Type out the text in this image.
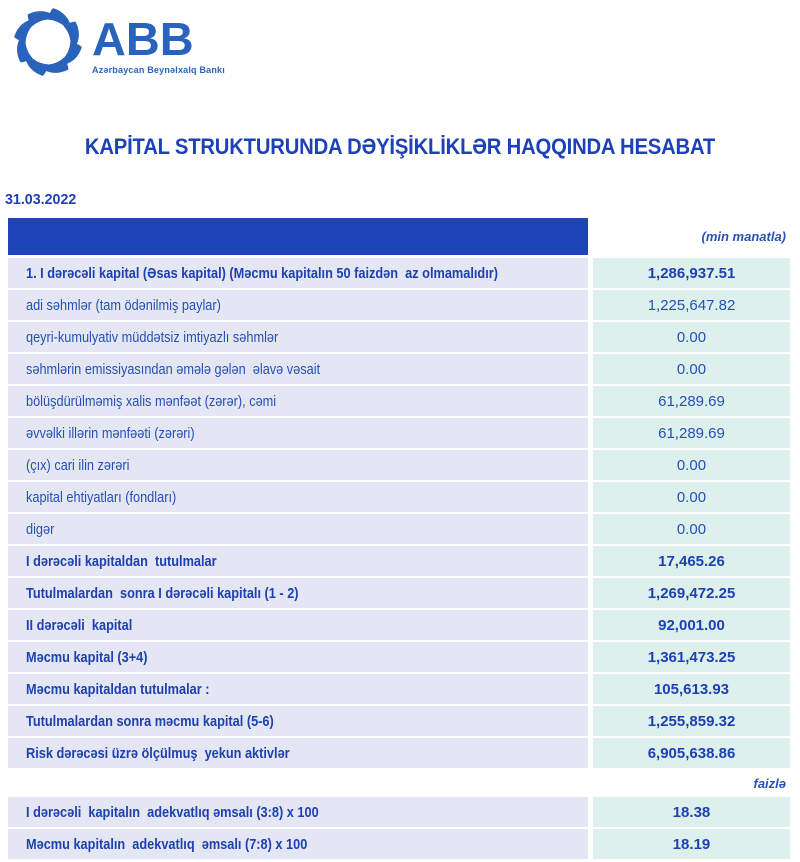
ABB
Azərbaycan Beynəlxalq Bankı
KAPİTAL STRUKTURUNDA DƏYİŞİKLİKLƏR HAQQINDA HESABAT
31.03.2022
(min manatla)
1. I dərəcəli kapital (Əsas kapital) (Məcmu kapitalın 50 faizdən  az olmamalıdır)	1,286,937.51
adi səhmlər (tam ödənilmiş paylar)	1,225,647.82
qeyri-kumulyativ müddətsiz imtiyazlı səhmlər	0.00
səhmlərin emissiyasından əmələ gələn  əlavə vəsait	0.00
bölüşdürülməmiş xalis mənfəət (zərər), cəmi	61,289.69
əvvəlki illərin mənfəəti (zərəri)	61,289.69
(çıx) cari ilin zərəri	0.00
kapital ehtiyatları (fondları)	0.00
digər	0.00
I dərəcəli kapitaldan  tutulmalar	17,465.26
Tutulmalardan  sonra I dərəcəli kapitalı (1 - 2)	1,269,472.25
II dərəcəli  kapital	92,001.00
Məcmu kapital (3+4)	1,361,473.25
Məcmu kapitaldan tutulmalar :	105,613.93
Tutulmalardan sonra məcmu kapital (5-6)	1,255,859.32
Risk dərəcəsi üzrə ölçülmuş  yekun aktivlər	6,905,638.86
faizlə
I dərəcəli  kapitalın  adekvatlıq əmsalı (3:8) x 100	18.38
Məcmu kapitalın  adekvatlıq  əmsalı (7:8) x 100	18.19
